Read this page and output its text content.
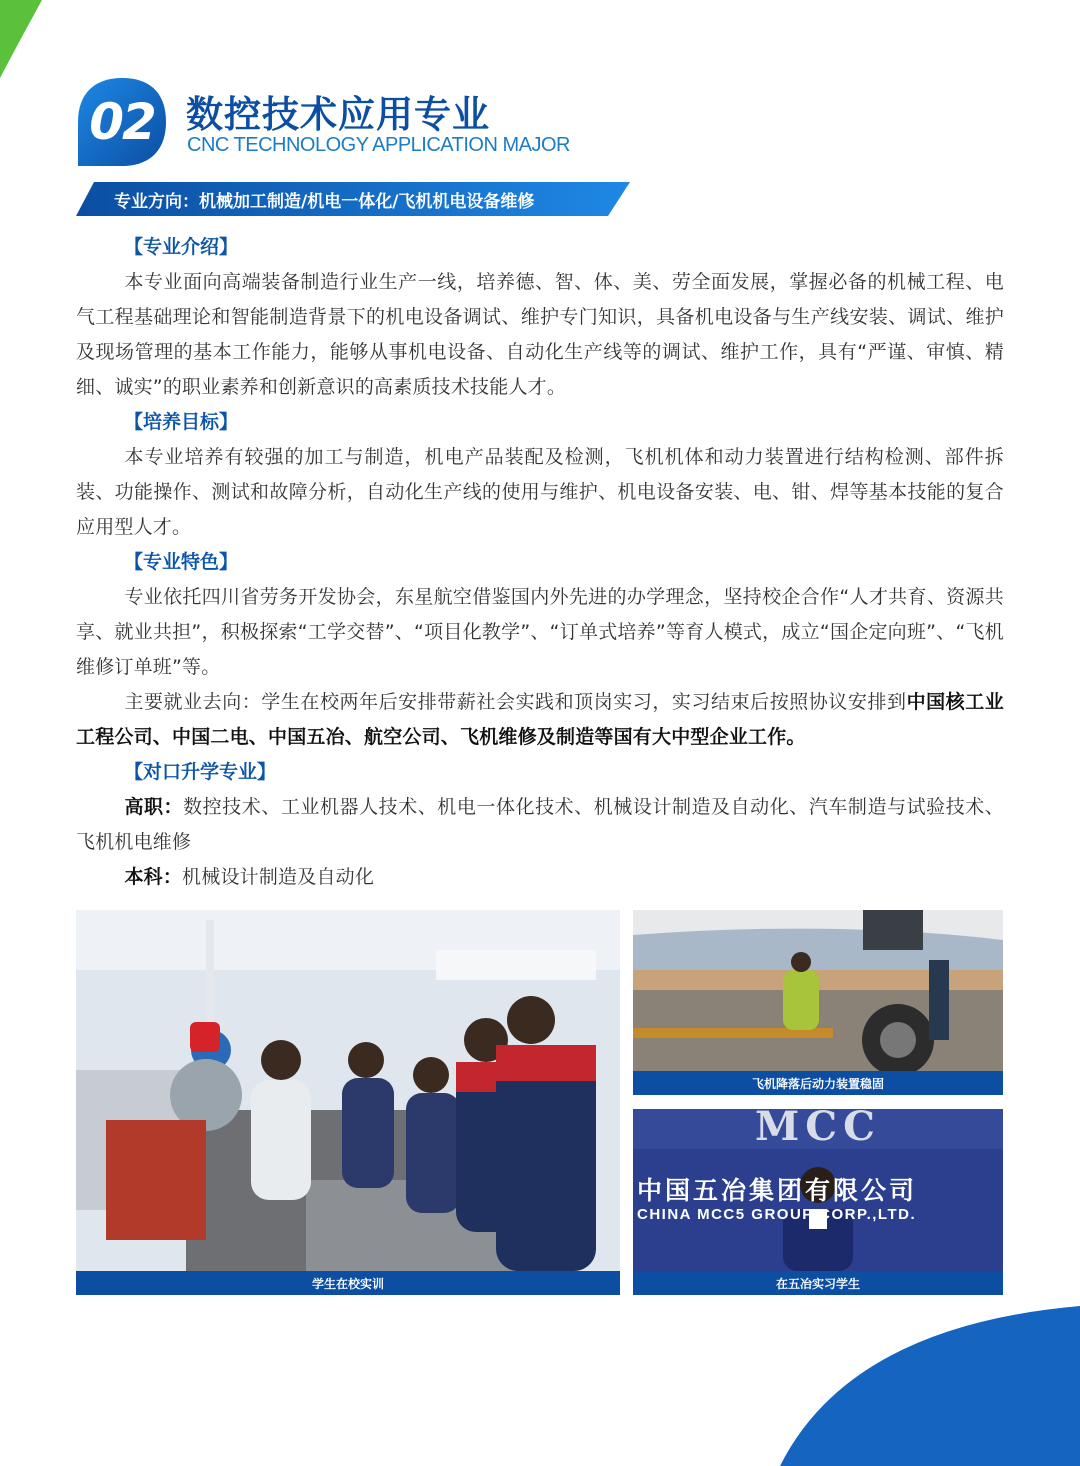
02 数控技术应用专业
CNC TECHNOLOGY APPLICATION MAJOR
专业方向：机械加工制造/机电一体化/飞机机电设备维修
【专业介绍】

本专业面向高端装备制造行业生产一线，培养德、智、体、美、劳全面发展，掌握必备的机械工程、电气工程基础理论和智能制造背景下的机电设备调试、维护专门知识，具备机电设备与生产线安装、调试、维护及现场管理的基本工作能力，能够从事机电设备、自动化生产线等的调试、维护工作，具有“严谨、审慎、精细、诚实”的职业素养和创新意识的高素质技术技能人才。

【培养目标】

本专业培养有较强的加工与制造，机电产品装配及检测，飞机机体和动力装置进行结构检测、部件拆装、功能操作、测试和故障分析，自动化生产线的使用与维护、机电设备安装、电、钳、焊等基本技能的复合应用型人才。

【专业特色】

专业依托四川省劳务开发协会，东星航空借鉴国内外先进的办学理念，坚持校企合作“人才共育、资源共享、就业共担”，积极探索“工学交替”、“项目化教学”、“订单式培养”等育人模式，成立“国企定向班”、“飞机维修订单班”等。

主要就业去向：学生在校两年后安排带薪社会实践和顶岗实习，实习结束后按照协议安排到中国核工业工程公司、中国二电、中国五冶、航空公司、飞机维修及制造等国有大中型企业工作。

【对口升学专业】

高职：数控技术、工业机器人技术、机电一体化技术、机械设计制造及自动化、汽车制造与试验技术、飞机机电维修

本科：机械设计制造及自动化

学生在校实训
飞机降落后动力装置稳固
MCC
中国五冶集团有限公司
CHINA MCC5 GROUP CORP.,LTD.
在五冶实习学生
